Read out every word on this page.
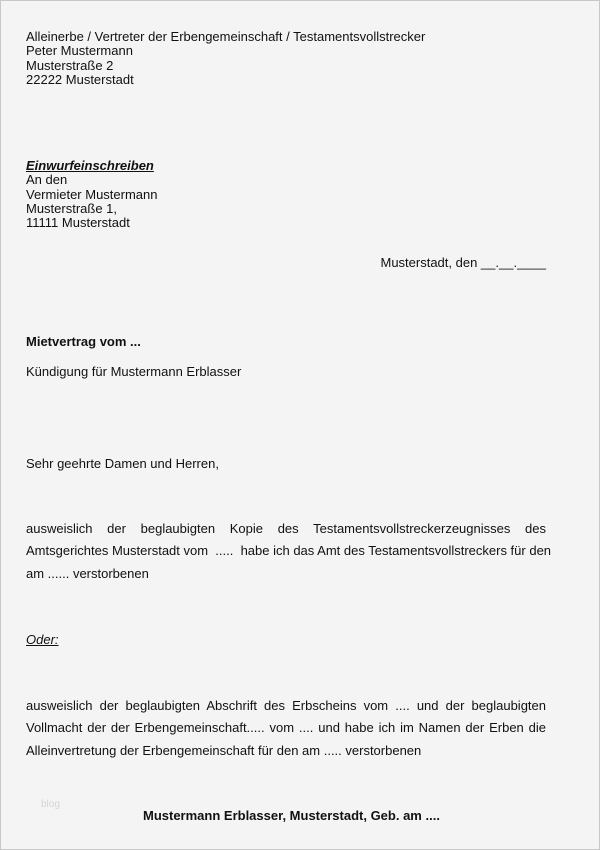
Alleinerbe / Vertreter der Erbengemeinschaft / Testamentsvollstrecker
Peter Mustermann
Musterstraße 2
22222 Musterstadt
Einwurfeinschreiben
An den
Vermieter Mustermann
Musterstraße 1,
11111 Musterstadt
Musterstadt, den __.__.____
Mietvertrag vom ...
Kündigung für Mustermann Erblasser
Sehr geehrte Damen und Herren,
ausweislich der beglaubigten Kopie des Testamentsvollstreckerzeugnisses des
Amtsgerichtes Musterstadt vom  .....  habe ich das Amt des Testamentsvollstreckers für den
am ...... verstorbenen
Oder:
ausweislich der beglaubigten Abschrift des Erbscheins vom .... und der beglaubigten
Vollmacht der der Erbengemeinschaft..... vom .... und habe ich im Namen der Erben die
Alleinvertretung der Erbengemeinschaft für den am ..... verstorbenen
blog
Mustermann Erblasser, Musterstadt, Geb. am ....
